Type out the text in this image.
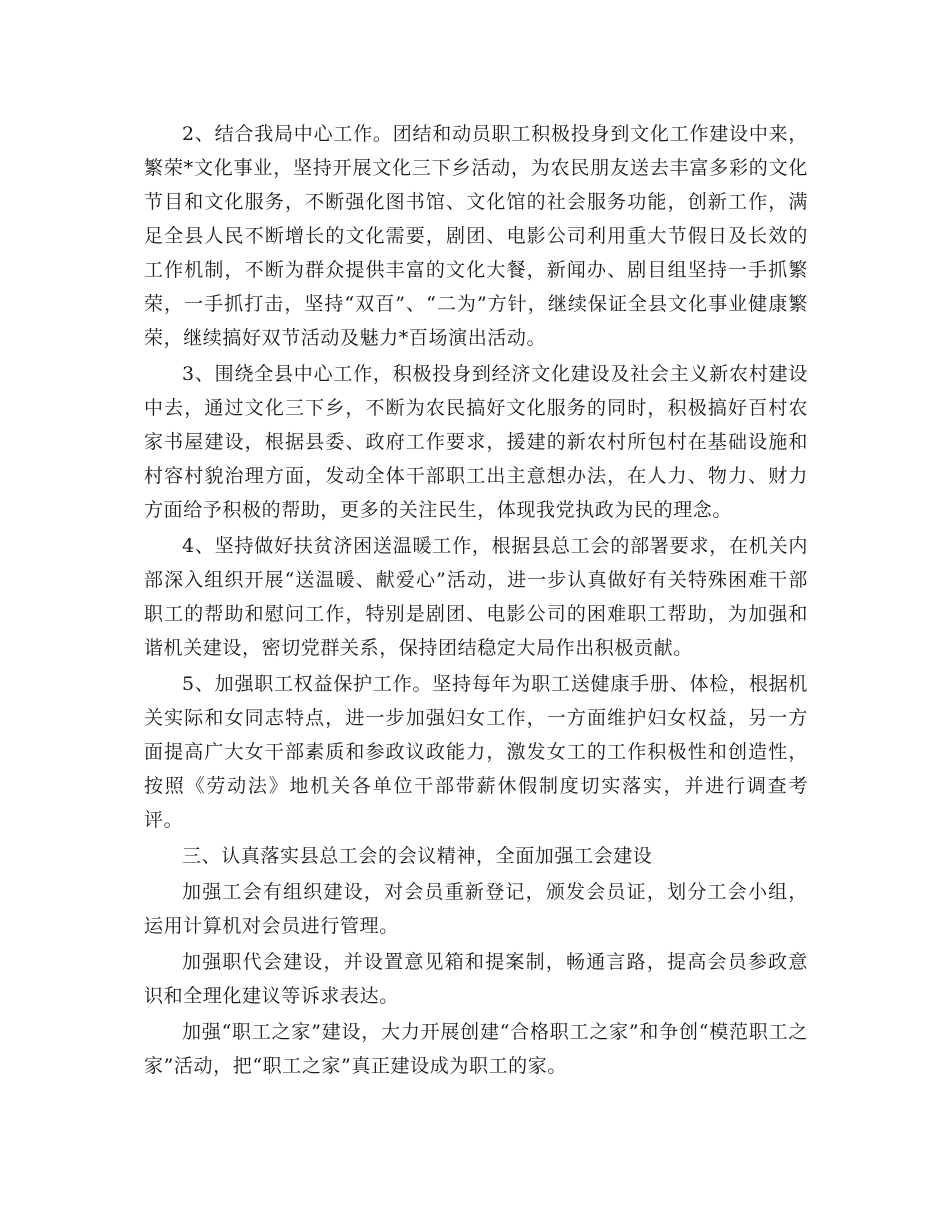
2、结合我局中心工作。团结和动员职工积极投身到文化工作建设中来，繁荣*文化事业，坚持开展文化三下乡活动，为农民朋友送去丰富多彩的文化节目和文化服务，不断强化图书馆、文化馆的社会服务功能，创新工作，满足全县人民不断增长的文化需要，剧团、电影公司利用重大节假日及长效的工作机制，不断为群众提供丰富的文化大餐，新闻办、剧目组坚持一手抓繁荣，一手抓打击，坚持“双百”、“二为”方针，继续保证全县文化事业健康繁荣，继续搞好双节活动及魅力*百场演出活动。

3、围绕全县中心工作，积极投身到经济文化建设及社会主义新农村建设中去，通过文化三下乡，不断为农民搞好文化服务的同时，积极搞好百村农家书屋建设，根据县委、政府工作要求，援建的新农村所包村在基础设施和村容村貌治理方面，发动全体干部职工出主意想办法，在人力、物力、财力方面给予积极的帮助，更多的关注民生，体现我党执政为民的理念。

4、坚持做好扶贫济困送温暖工作，根据县总工会的部署要求，在机关内部深入组织开展“送温暖、献爱心”活动，进一步认真做好有关特殊困难干部职工的帮助和慰问工作，特别是剧团、电影公司的困难职工帮助，为加强和谐机关建设，密切党群关系，保持团结稳定大局作出积极贡献。

5、加强职工权益保护工作。坚持每年为职工送健康手册、体检，根据机关实际和女同志特点，进一步加强妇女工作，一方面维护妇女权益，另一方面提高广大女干部素质和参政议政能力，激发女工的工作积极性和创造性，按照《劳动法》地机关各单位干部带薪休假制度切实落实，并进行调查考评。

三、认真落实县总工会的会议精神，全面加强工会建设

加强工会有组织建设，对会员重新登记，颁发会员证，划分工会小组，运用计算机对会员进行管理。

加强职代会建设，并设置意见箱和提案制，畅通言路，提高会员参政意识和全理化建议等诉求表达。

加强“职工之家”建设，大力开展创建“合格职工之家”和争创“模范职工之家”活动，把“职工之家”真正建设成为职工的家。
